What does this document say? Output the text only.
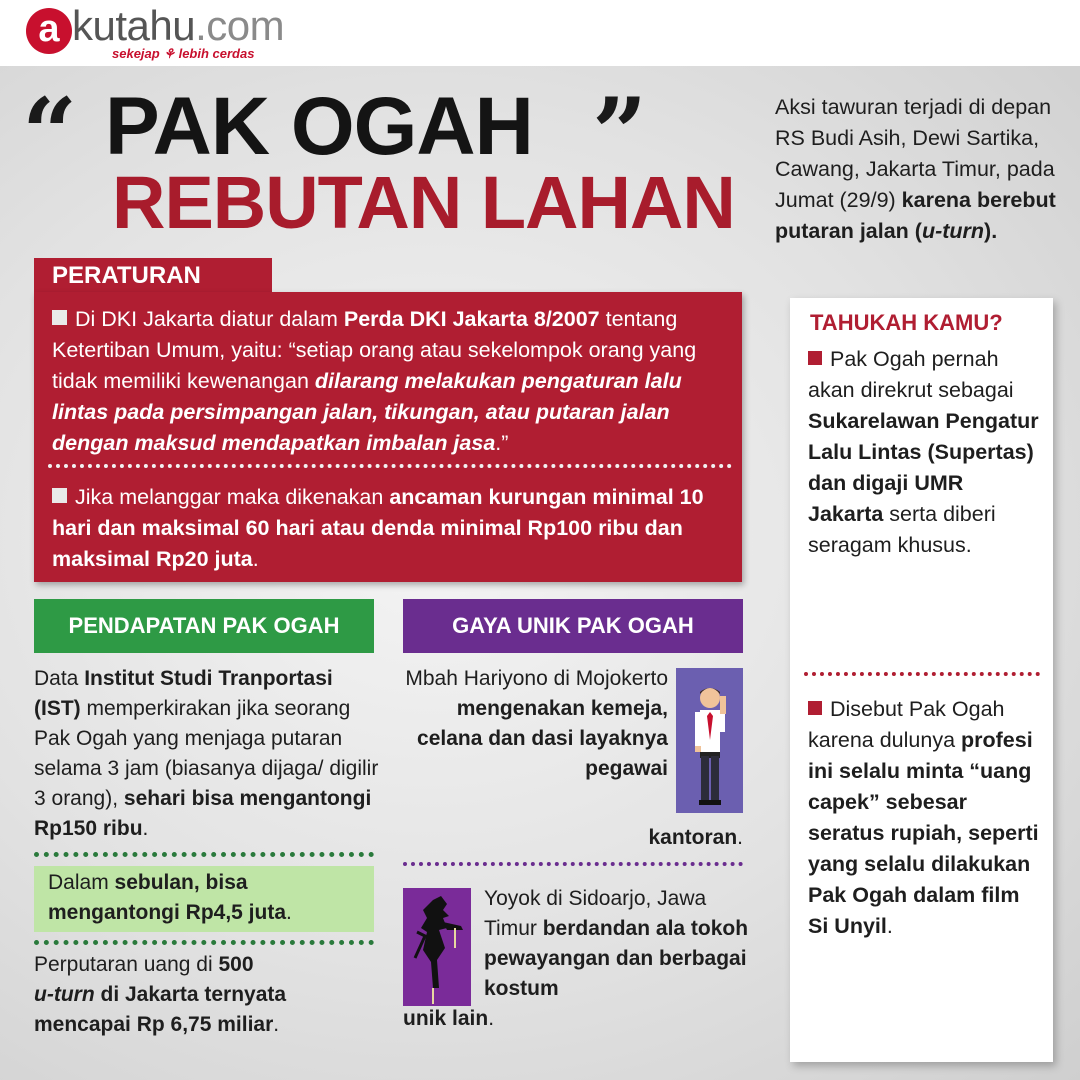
a kutahu.com
sekejap ⚘ lebih cerdas
“ PAK OGAH ”
REBUTAN LAHAN
Aksi tawuran terjadi di depan RS Budi Asih, Dewi Sartika, Cawang, Jakarta Timur, pada Jumat (29/9) karena berebut putaran jalan (u-turn).
PERATURAN
Di DKI Jakarta diatur dalam Perda DKI Jakarta 8/2007 tentang Ketertiban Umum, yaitu: “setiap orang atau sekelompok orang yang tidak memiliki kewenangan dilarang melakukan pengaturan lalu lintas pada persimpangan jalan, tikungan, atau putaran jalan dengan maksud mendapatkan imbalan jasa.”
Jika melanggar maka dikenakan ancaman kurungan minimal 10 hari dan maksimal 60 hari atau denda minimal Rp100 ribu dan maksimal Rp20 juta.
PENDAPATAN PAK OGAH
Data Institut Studi Tranportasi (IST) memperkirakan jika seorang Pak Ogah yang menjaga putaran selama 3 jam (biasanya dijaga/ digilir 3 orang), sehari bisa mengantongi Rp150 ribu.
Dalam sebulan, bisa mengantongi Rp4,5 juta.
Perputaran uang di 500
u-turn di Jakarta ternyata mencapai Rp 6,75 miliar.
GAYA UNIK PAK OGAH
Mbah Hariyono di Mojokerto mengenakan kemeja, celana dan dasi layaknya pegawai
kantoran.
Yoyok di Sidoarjo, Jawa Timur berdandan ala tokoh pewayangan dan berbagai kostum
unik lain.
TAHUKAH KAMU?
Pak Ogah pernah akan direkrut sebagai Sukarelawan Pengatur Lalu Lintas (Supertas) dan digaji UMR Jakarta serta diberi seragam khusus.
Disebut Pak Ogah karena dulunya profesi ini selalu minta “uang capek” sebesar seratus rupiah, seperti yang selalu dilakukan Pak Ogah dalam film Si Unyil.
